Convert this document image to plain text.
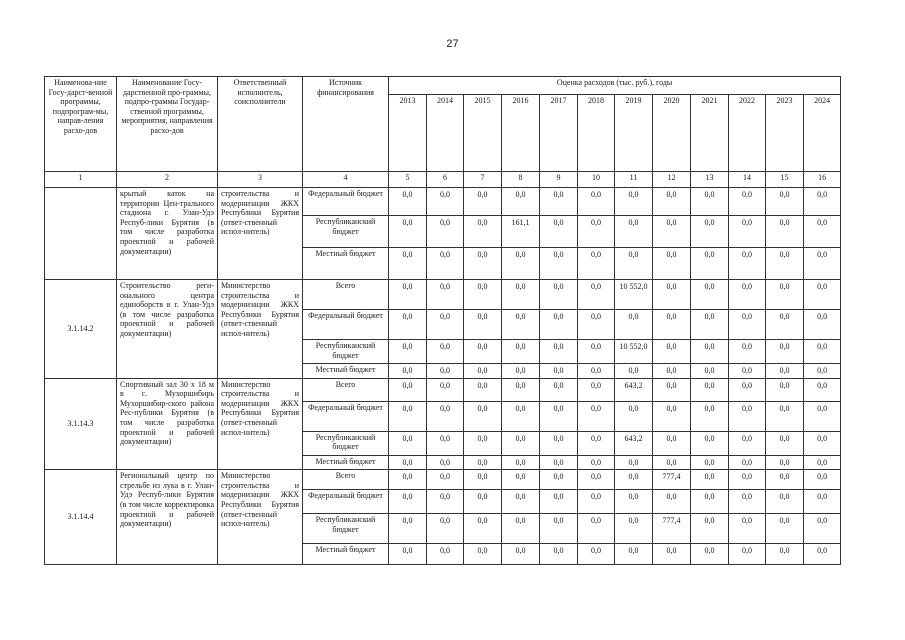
27
Наименова-ние Госу-дарст-венной программы, подпрограм-мы, направ-ления расхо-дов	Наименование Госу-дарственной про-граммы, подпро-граммы Государ-ственной программы, мероприятия, направления расхо-дов	Ответственный исполнитель, соисполнители	Источник финансирования	Оценка расходов (тыс. руб.), годы											
				2013	2014	2015	2016	2017	2018	2019	2020	2021	2022	2023	2024
1	2	3	4	5	6	7	8	9	10	11	12	13	14	15	16
	крытый каток на территории Цен-трального стадиона г. Улан-Удэ Респуб-лики Бурятия (в том числе разработка проектной и рабочей документации)	строительства и модернизации ЖКХ Республики Бурятия (ответ-ственный испол-нитель)	Федеральный бюджет	0,0	0,0	0,0	0,0	0,0	0,0	0,0	0,0	0,0	0,0	0,0	0,0
			Республиканский бюджет	0,0	0,0	0,0	161,1	0,0	0,0	0,0	0,0	0,0	0,0	0,0	0,0
			Местный бюджет	0,0	0,0	0,0	0,0	0,0	0,0	0,0	0,0	0,0	0,0	0,0	0,0
3.1.14.2	Строительство реги-онального центра единоборств в г. Улан-Удэ (в том числе разработка проектной и рабочей документации)	Министерство строительства и модернизации ЖКХ Республики Бурятия (ответ-ственный испол-нитель)	Всего	0,0	0,0	0,0	0,0	0,0	0,0	10 552,0	0,0	0,0	0,0	0,0	0,0
			Федеральный бюджет	0,0	0,0	0,0	0,0	0,0	0,0	0,0	0,0	0,0	0,0	0,0	0,0
			Республиканский бюджет	0,0	0,0	0,0	0,0	0,0	0,0	10 552,0	0,0	0,0	0,0	0,0	0,0
			Местный бюджет	0,0	0,0	0,0	0,0	0,0	0,0	0,0	0,0	0,0	0,0	0,0	0,0
3.1.14.3	Спортивный зал 30 х 18 м в с. Мухоршибирь Мухоршибир-ского района Рес-публики Бурятия (в том числе разработка проектной и рабочей документации)	Министерство строительства и модернизации ЖКХ Республики Бурятия (ответ-ственный испол-нитель)	Всего	0,0	0,0	0,0	0,0	0,0	0,0	643,2	0,0	0,0	0,0	0,0	0,0
			Федеральный бюджет	0,0	0,0	0,0	0,0	0,0	0,0	0,0	0,0	0,0	0,0	0,0	0,0
			Республиканский бюджет	0,0	0,0	0,0	0,0	0,0	0,0	643,2	0,0	0,0	0,0	0,0	0,0
			Местный бюджет	0,0	0,0	0,0	0,0	0,0	0,0	0,0	0,0	0,0	0,0	0,0	0,0
3.1.14.4	Региональный центр по стрельбе из лука в г. Улан-Удэ Респуб-лики Бурятия (в том числе корректировка проектной и рабочей документации)	Министерство строительства и модернизации ЖКХ Республики Бурятия (ответ-ственный испол-нитель)	Всего	0,0	0,0	0,0	0,0	0,0	0,0	0,0	777,4	0,0	0,0	0,0	0,0
			Федеральный бюджет	0,0	0,0	0,0	0,0	0,0	0,0	0,0	0,0	0,0	0,0	0,0	0,0
			Республиканский бюджет	0,0	0,0	0,0	0,0	0,0	0,0	0,0	777,4	0,0	0,0	0,0	0,0
			Местный бюджет	0,0	0,0	0,0	0,0	0,0	0,0	0,0	0,0	0,0	0,0	0,0	0,0
